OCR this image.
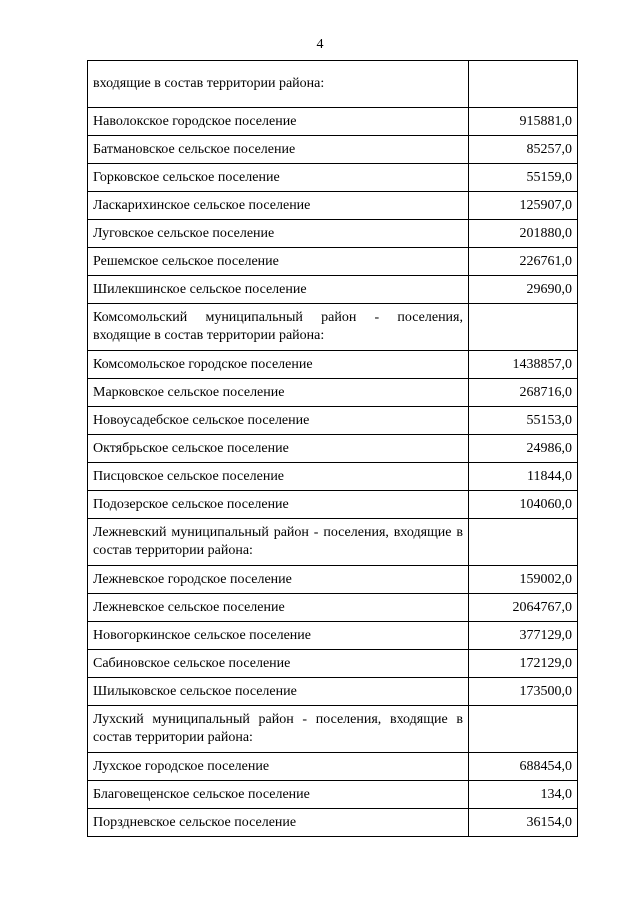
4
входящие в состав территории района:	
Наволокское городское поселение	915881,0
Батмановское сельское поселение	85257,0
Горковское сельское поселение	55159,0
Ласкарихинское сельское поселение	125907,0
Луговское сельское поселение	201880,0
Решемское сельское поселение	226761,0
Шилекшинское сельское поселение	29690,0
Комсомольский муниципальный район - поселения, входящие в состав территории района:	
Комсомольское городское поселение	1438857,0
Марковское сельское поселение	268716,0
Новоусадебское сельское поселение	55153,0
Октябрьское сельское поселение	24986,0
Писцовское сельское поселение	11844,0
Подозерское сельское поселение	104060,0
Лежневский муниципальный район - поселения, входящие в состав территории района:	
Лежневское городское поселение	159002,0
Лежневское сельское поселение	2064767,0
Новогоркинское сельское поселение	377129,0
Сабиновское сельское поселение	172129,0
Шилыковское сельское поселение	173500,0
Лухский муниципальный район - поселения, входящие в состав территории района:	
Лухское городское поселение	688454,0
Благовещенское сельское поселение	134,0
Порздневское сельское поселение	36154,0
